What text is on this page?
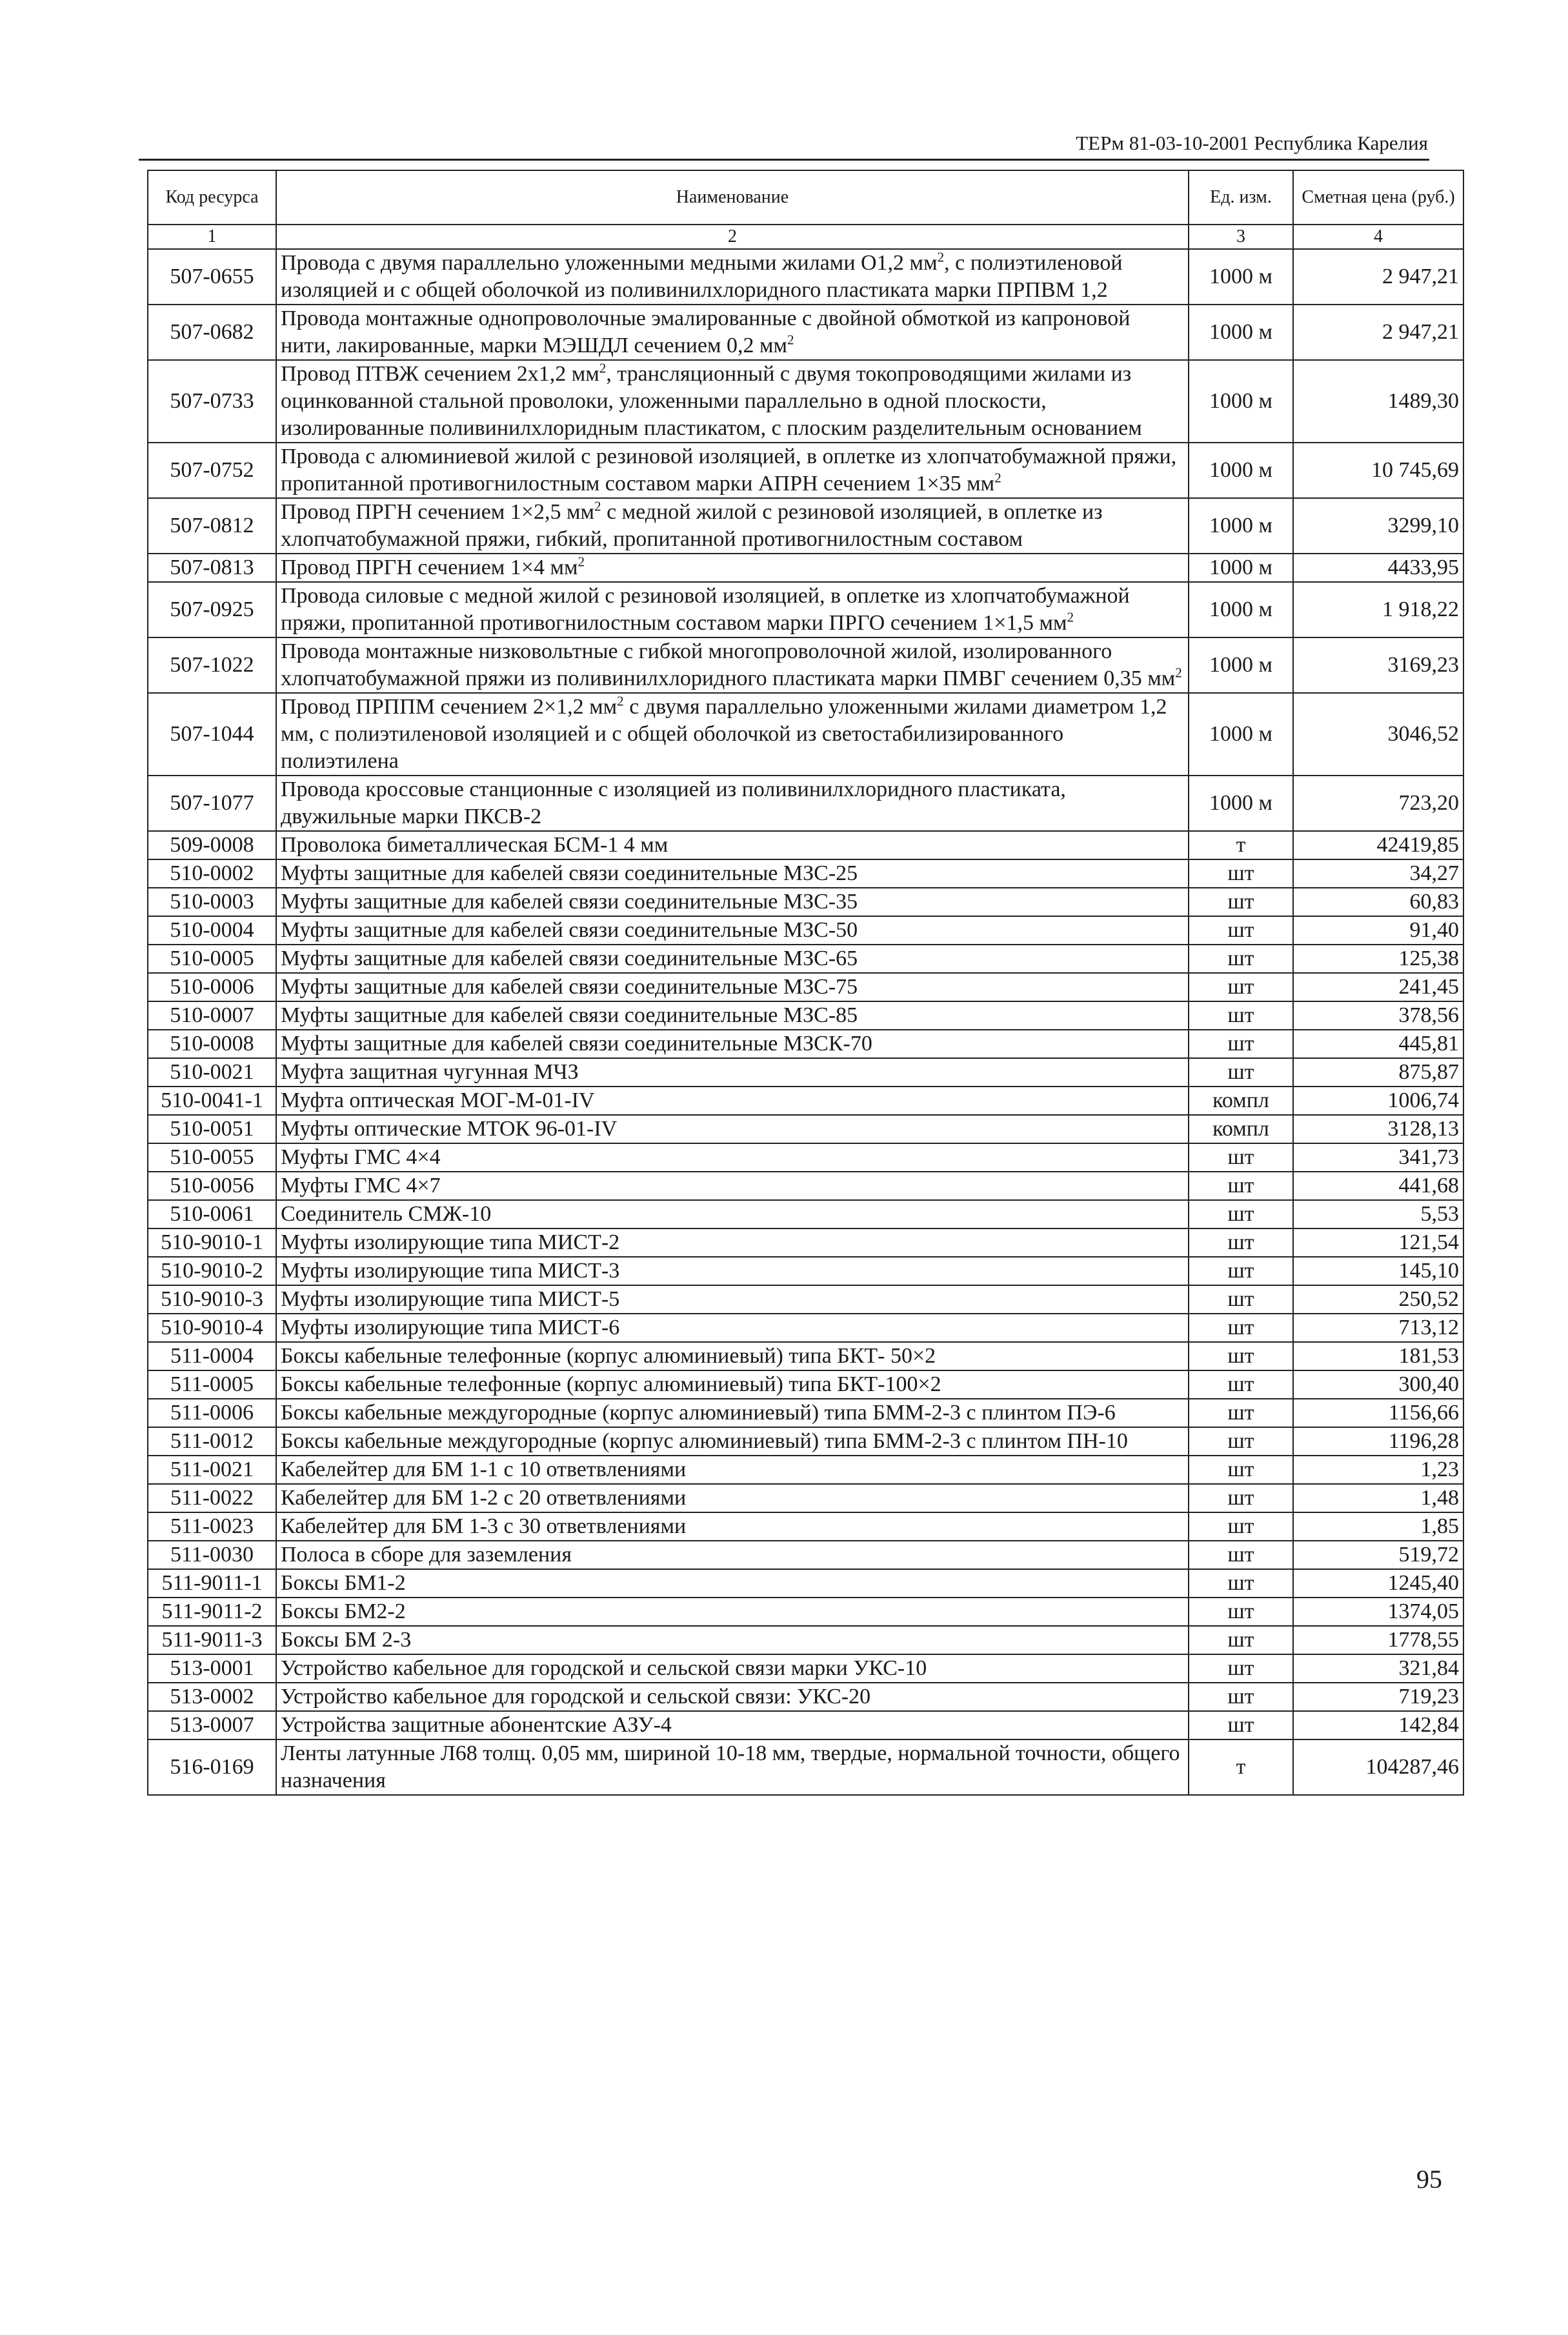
ТЕРм 81-03-10-2001 Республика Карелия
Код ресурса	Наименование	Ед. изм.	Сметная цена (руб.)
1	2	3	4
507-0655	Провода с двумя параллельно уложенными медными жилами O1,2 $мм^2$, с полиэтиленовой изоляцией и с общей оболочкой из поливинилхлоридного пластиката марки ПРПВМ 1,2	1000 м	2 947,21
507-0682	Провода монтажные однопроволочные эмалированные с двойной обмоткой из капроновой нити, лакированные, марки МЭШДЛ сечением 0,2 $мм^2$	1000 м	2 947,21
507-0733	Провод ПТВЖ сечением 2x1,2 $мм^2$, трансляционный с двумя токопроводящими жилами из оцинкованной стальной проволоки, уложенными параллельно в одной плоскости, изолированные поливинилхлоридным пластикатом, с плоским разделительным основанием	1000 м	1489,30
507-0752	Провода с алюминиевой жилой с резиновой изоляцией, в оплетке из хлопчатобумажной пряжи, пропитанной противогнилостным составом марки АПРН сечением 1×35 $мм^2$	1000 м	10 745,69
507-0812	Провод ПРГН сечением 1×2,5 $мм^2$ с медной жилой с резиновой изоляцией, в оплетке из хлопчатобумажной пряжи, гибкий, пропитанной противогнилостным составом	1000 м	3299,10
507-0813	Провод ПРГН сечением 1×4 $мм^2$	1000 м	4433,95
507-0925	Провода силовые с медной жилой с резиновой изоляцией, в оплетке из хлопчатобумажной пряжи, пропитанной противогнилостным составом марки ПРГО сечением 1×1,5 $мм^2$	1000 м	1 918,22
507-1022	Провода монтажные низковольтные с гибкой многопроволочной жилой, изолированного хлопчатобумажной пряжи из поливинилхлоридного пластиката марки ПМВГ сечением 0,35 $мм^2$	1000 м	3169,23
507-1044	Провод ПРППМ сечением 2×1,2 $мм^2$ с двумя параллельно уложенными жилами диаметром 1,2 мм, с полиэтиленовой изоляцией и с общей оболочкой из светостабилизированного полиэтилена	1000 м	3046,52
507-1077	Провода кроссовые станционные с изоляцией из поливинилхлоридного пластиката, двужильные марки ПКСВ-2	1000 м	723,20
509-0008	Проволока биметаллическая БСМ-1 4 мм	т	42419,85
510-0002	Муфты защитные для кабелей связи соединительные МЗС-25	шт	34,27
510-0003	Муфты защитные для кабелей связи соединительные МЗС-35	шт	60,83
510-0004	Муфты защитные для кабелей связи соединительные МЗС-50	шт	91,40
510-0005	Муфты защитные для кабелей связи соединительные МЗС-65	шт	125,38
510-0006	Муфты защитные для кабелей связи соединительные МЗС-75	шт	241,45
510-0007	Муфты защитные для кабелей связи соединительные МЗС-85	шт	378,56
510-0008	Муфты защитные для кабелей связи соединительные МЗСК-70	шт	445,81
510-0021	Муфта защитная чугунная МЧЗ	шт	875,87
510-0041-1	Муфта оптическая МОГ-М-01-IV	компл	1006,74
510-0051	Муфты оптические МТОК 96-01-IV	компл	3128,13
510-0055	Муфты ГМС 4×4	шт	341,73
510-0056	Муфты ГМС 4×7	шт	441,68
510-0061	Соединитель СМЖ-10	шт	5,53
510-9010-1	Муфты изолирующие типа МИСТ-2	шт	121,54
510-9010-2	Муфты изолирующие типа МИСТ-3	шт	145,10
510-9010-3	Муфты изолирующие типа МИСТ-5	шт	250,52
510-9010-4	Муфты изолирующие типа МИСТ-6	шт	713,12
511-0004	Боксы кабельные телефонные (корпус алюминиевый) типа БКТ- 50×2	шт	181,53
511-0005	Боксы кабельные телефонные (корпус алюминиевый) типа БКТ-100×2	шт	300,40
511-0006	Боксы кабельные междугородные (корпус алюминиевый) типа БММ-2-3 с плинтом ПЭ-6	шт	1156,66
511-0012	Боксы кабельные междугородные (корпус алюминиевый) типа БММ-2-3 с плинтом ПН-10	шт	1196,28
511-0021	Кабелейтер для БМ 1-1 с 10 ответвлениями	шт	1,23
511-0022	Кабелейтер для БМ 1-2 с 20 ответвлениями	шт	1,48
511-0023	Кабелейтер для БМ 1-3 с 30 ответвлениями	шт	1,85
511-0030	Полоса в сборе для заземления	шт	519,72
511-9011-1	Боксы БМ1-2	шт	1245,40
511-9011-2	Боксы БМ2-2	шт	1374,05
511-9011-3	Боксы БМ 2-3	шт	1778,55
513-0001	Устройство кабельное для городской и сельской связи марки УКС-10	шт	321,84
513-0002	Устройство кабельное для городской и сельской связи: УКС-20	шт	719,23
513-0007	Устройства защитные абонентские АЗУ-4	шт	142,84
516-0169	Ленты латунные Л68 толщ. 0,05 мм, шириной 10-18 мм, твердые, нормальной точности, общего назначения	т	104287,46
95
